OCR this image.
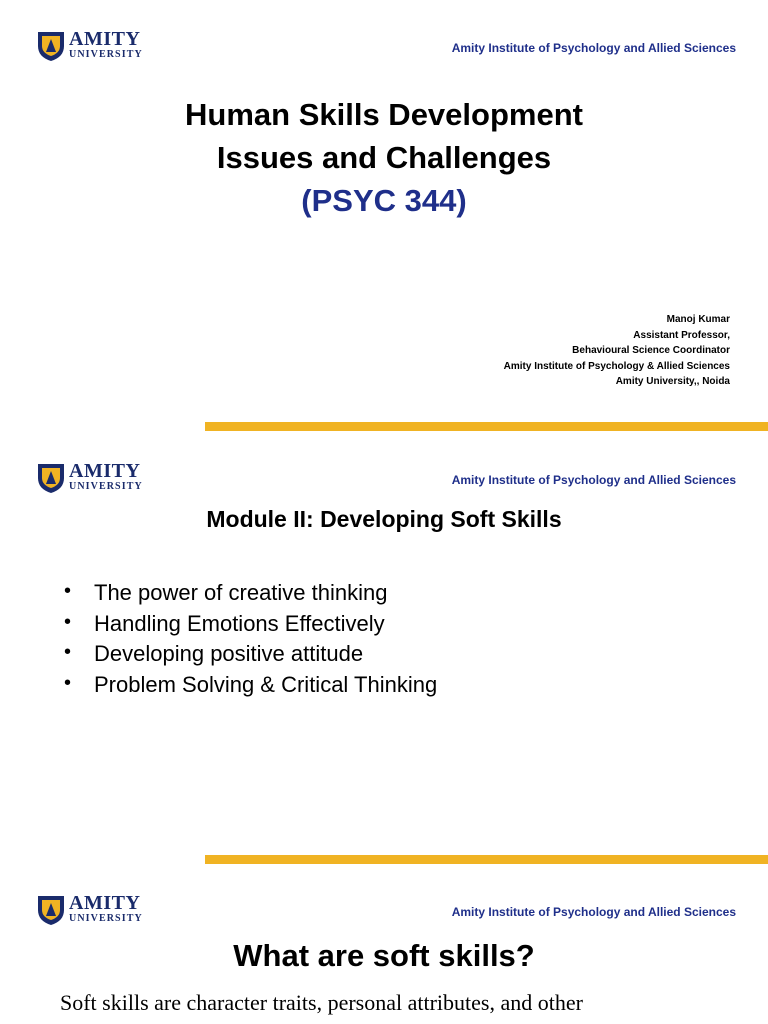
AMITY
UNIVERSITY	Amity Institute of Psychology and Allied Sciences
Human Skills Development
Issues and Challenges
(PSYC 344)
Manoj Kumar
Assistant Professor,
Behavioural Science Coordinator
Amity Institute of Psychology & Allied Sciences
Amity University,, Noida
AMITY
UNIVERSITY	Amity Institute of Psychology and Allied Sciences
Module II: Developing Soft Skills
• The power of creative thinking
• Handling Emotions Effectively
• Developing positive attitude
• Problem Solving & Critical Thinking
AMITY
UNIVERSITY	Amity Institute of Psychology and Allied Sciences
What are soft skills?
Soft skills are character traits, personal attributes, and other
